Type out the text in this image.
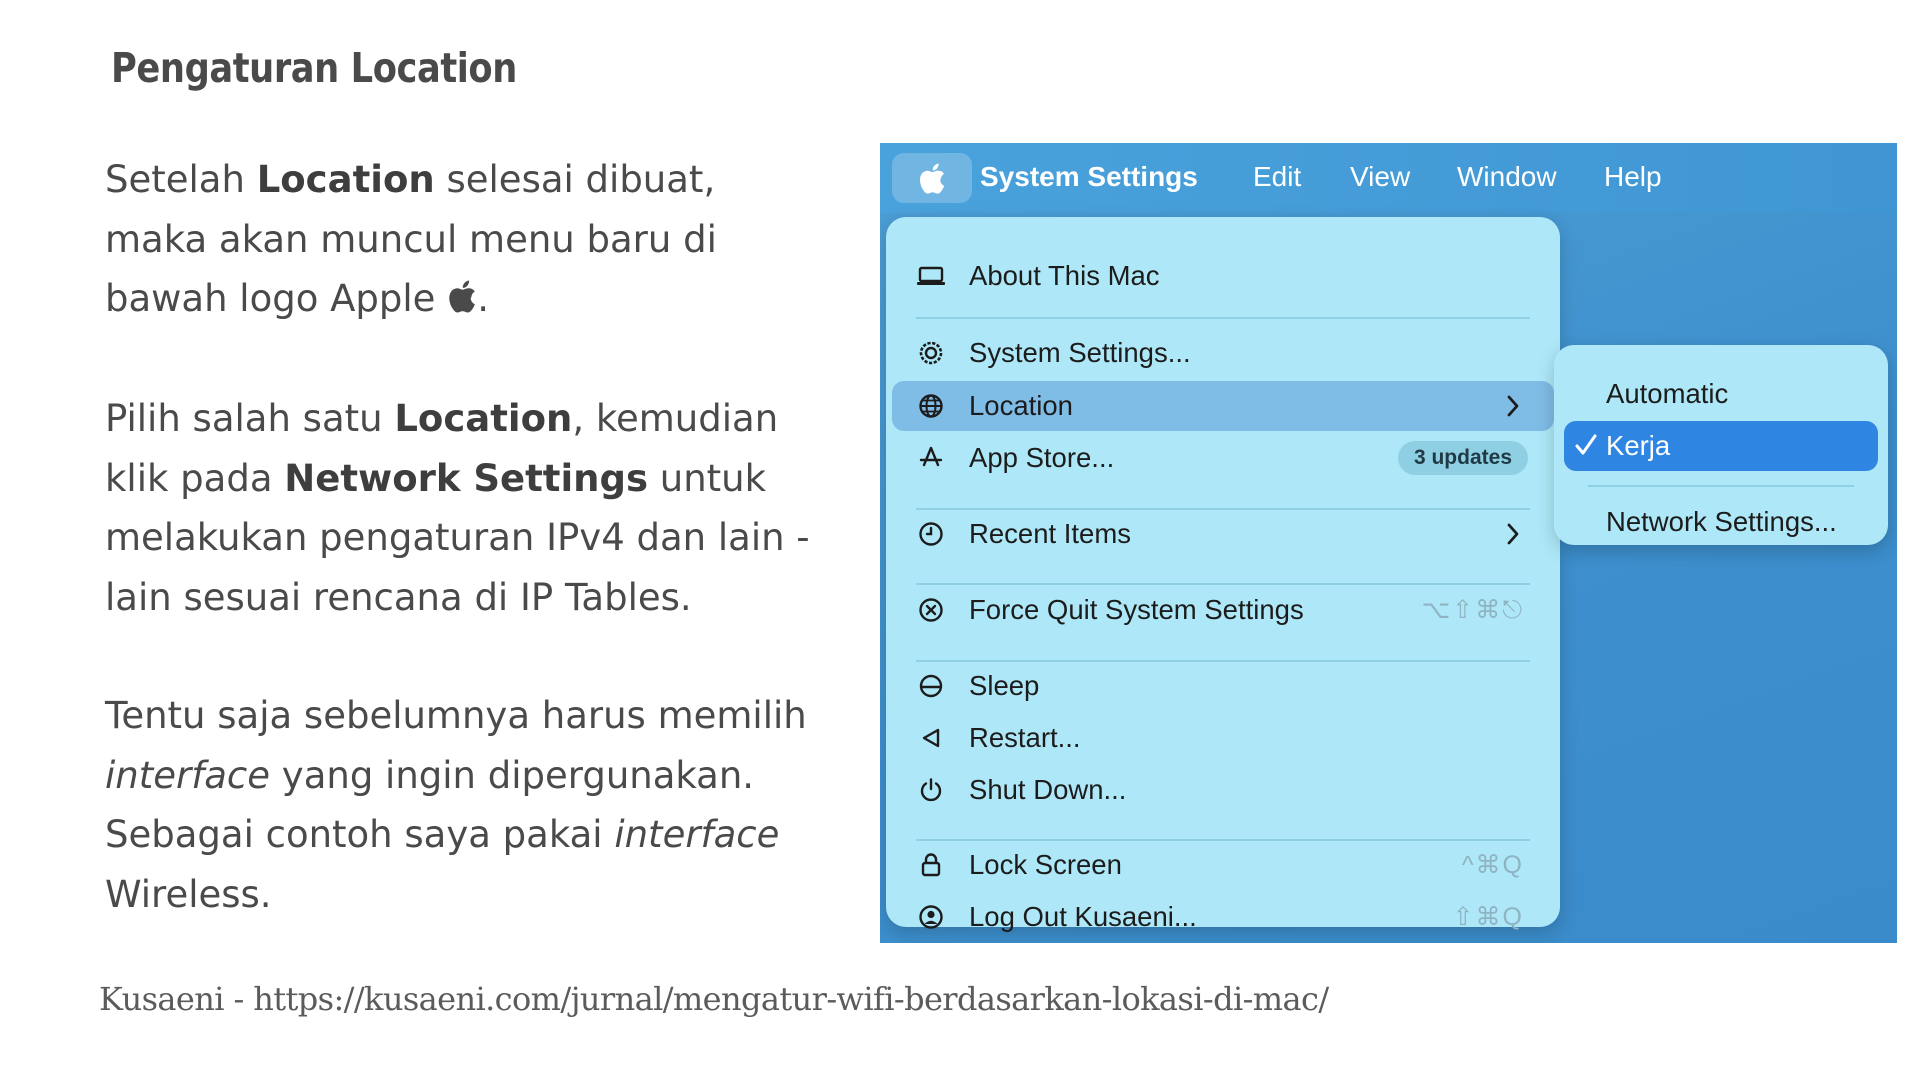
Pengaturan Location
Setelah Location selesai dibuat, maka akan muncul menu baru di bawah logo Apple
.
Pilih salah satu Location, kemudian klik pada Network Settings untuk melakukan pengaturan IPv4 dan lain - lain sesuai rencana di IP Tables.
Tentu saja sebelumnya harus memilih interface yang ingin dipergunakan. Sebagai contoh saya pakai interface Wireless.
Kusaeni - https://kusaeni.com/jurnal/mengatur-wifi-berdasarkan-lokasi-di-mac/
System Settings Edit View Window Help
About This Mac
System Settings...
Location
App Store...	3 updates
Recent Items
Force Quit System Settings	⌥⇧⌘⎋
Sleep
Restart...
Shut Down...
Lock Screen	^⌘Q
Log Out Kusaeni...	⇧⌘Q
Automatic
Kerja
Network Settings...
